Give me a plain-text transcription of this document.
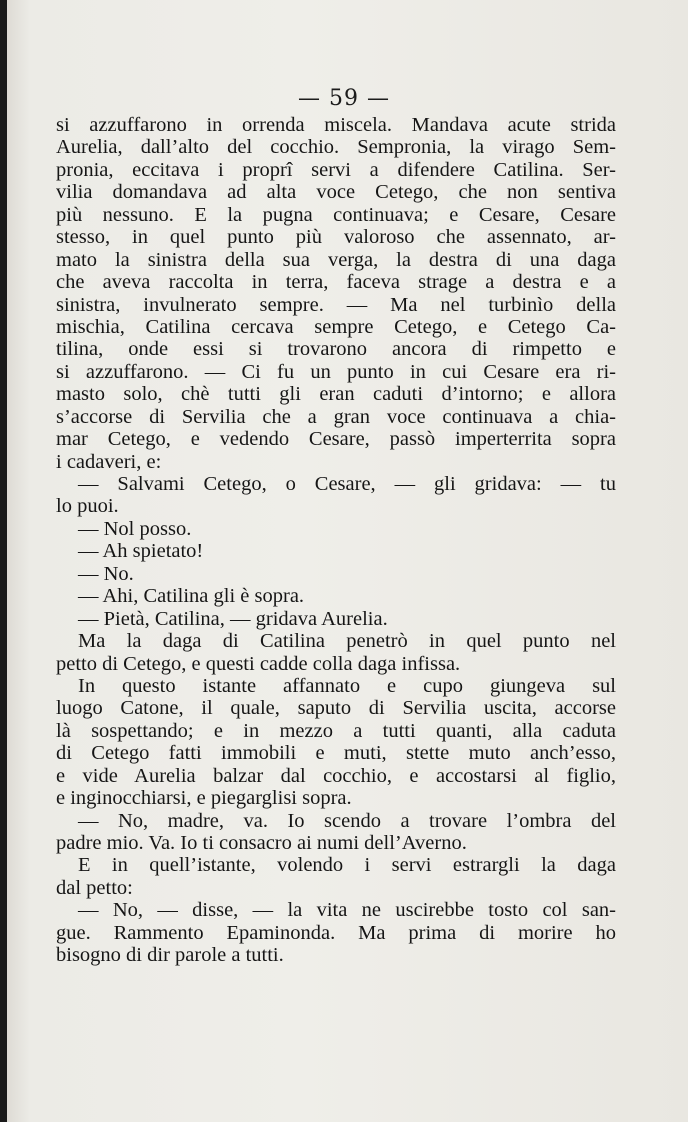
— 59 —
si azzuffarono in orrenda miscela. Mandava acute strida
Aurelia, dall’alto del cocchio. Sempronia, la virago Sem-
pronia, eccitava i proprî servi a difendere Catilina. Ser-
vilia domandava ad alta voce Cetego, che non sentiva
più nessuno. E la pugna continuava; e Cesare, Cesare
stesso, in quel punto più valoroso che assennato, ar-
mato la sinistra della sua verga, la destra di una daga
che aveva raccolta in terra, faceva strage a destra e a
sinistra, invulnerato sempre. — Ma nel turbinìo della
mischia, Catilina cercava sempre Cetego, e Cetego Ca-
tilina, onde essi si trovarono ancora di rimpetto e
si azzuffarono. — Ci fu un punto in cui Cesare era ri-
masto solo, chè tutti gli eran caduti d’intorno; e allora
s’accorse di Servilia che a gran voce continuava a chia-
mar Cetego, e vedendo Cesare, passò imperterrita sopra
i cadaveri, e:
— Salvami Cetego, o Cesare, — gli gridava: — tu
lo puoi.
— Nol posso.
— Ah spietato!
— No.
— Ahi, Catilina gli è sopra.
— Pietà, Catilina, — gridava Aurelia.
Ma la daga di Catilina penetrò in quel punto nel
petto di Cetego, e questi cadde colla daga infissa.
In questo istante affannato e cupo giungeva sul
luogo Catone, il quale, saputo di Servilia uscita, accorse
là sospettando; e in mezzo a tutti quanti, alla caduta
di Cetego fatti immobili e muti, stette muto anch’esso,
e vide Aurelia balzar dal cocchio, e accostarsi al figlio,
e inginocchiarsi, e piegarglisi sopra.
— No, madre, va. Io scendo a trovare l’ombra del
padre mio. Va. Io ti consacro ai numi dell’Averno.
E in quell’istante, volendo i servi estrargli la daga
dal petto:
— No, — disse, — la vita ne uscirebbe tosto col san-
gue. Rammento Epaminonda. Ma prima di morire ho
bisogno di dir parole a tutti.
